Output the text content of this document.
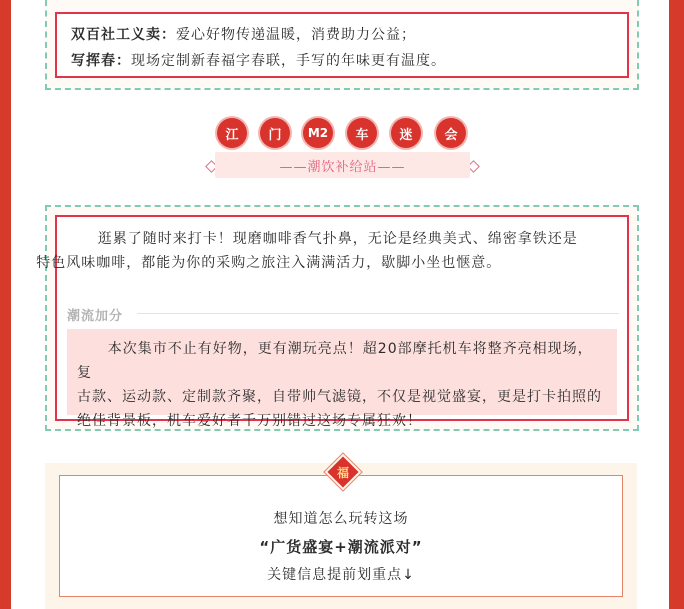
双百社工义卖：爱心好物传递温暖，消费助力公益；
写挥春：现场定制新春福字春联，手写的年味更有温度。
江	门	M2	车	迷	会
——潮饮补给站——

逛累了随时来打卡！现磨咖啡香气扑鼻，无论是经典美式、绵密拿铁还是
特色风味咖啡，都能为你的采购之旅注入满满活力，歇脚小坐也惬意。

潮流加分
本次集市不止有好物，更有潮玩亮点！超20部摩托机车将整齐亮相现场，复
古款、运动款、定制款齐聚，自带帅气滤镜，不仅是视觉盛宴，更是打卡拍照的
绝佳背景板，机车爱好者千万别错过这场专属狂欢！
想知道怎么玩转这场
“广货盛宴+潮流派对”
关键信息提前划重点↓
福
